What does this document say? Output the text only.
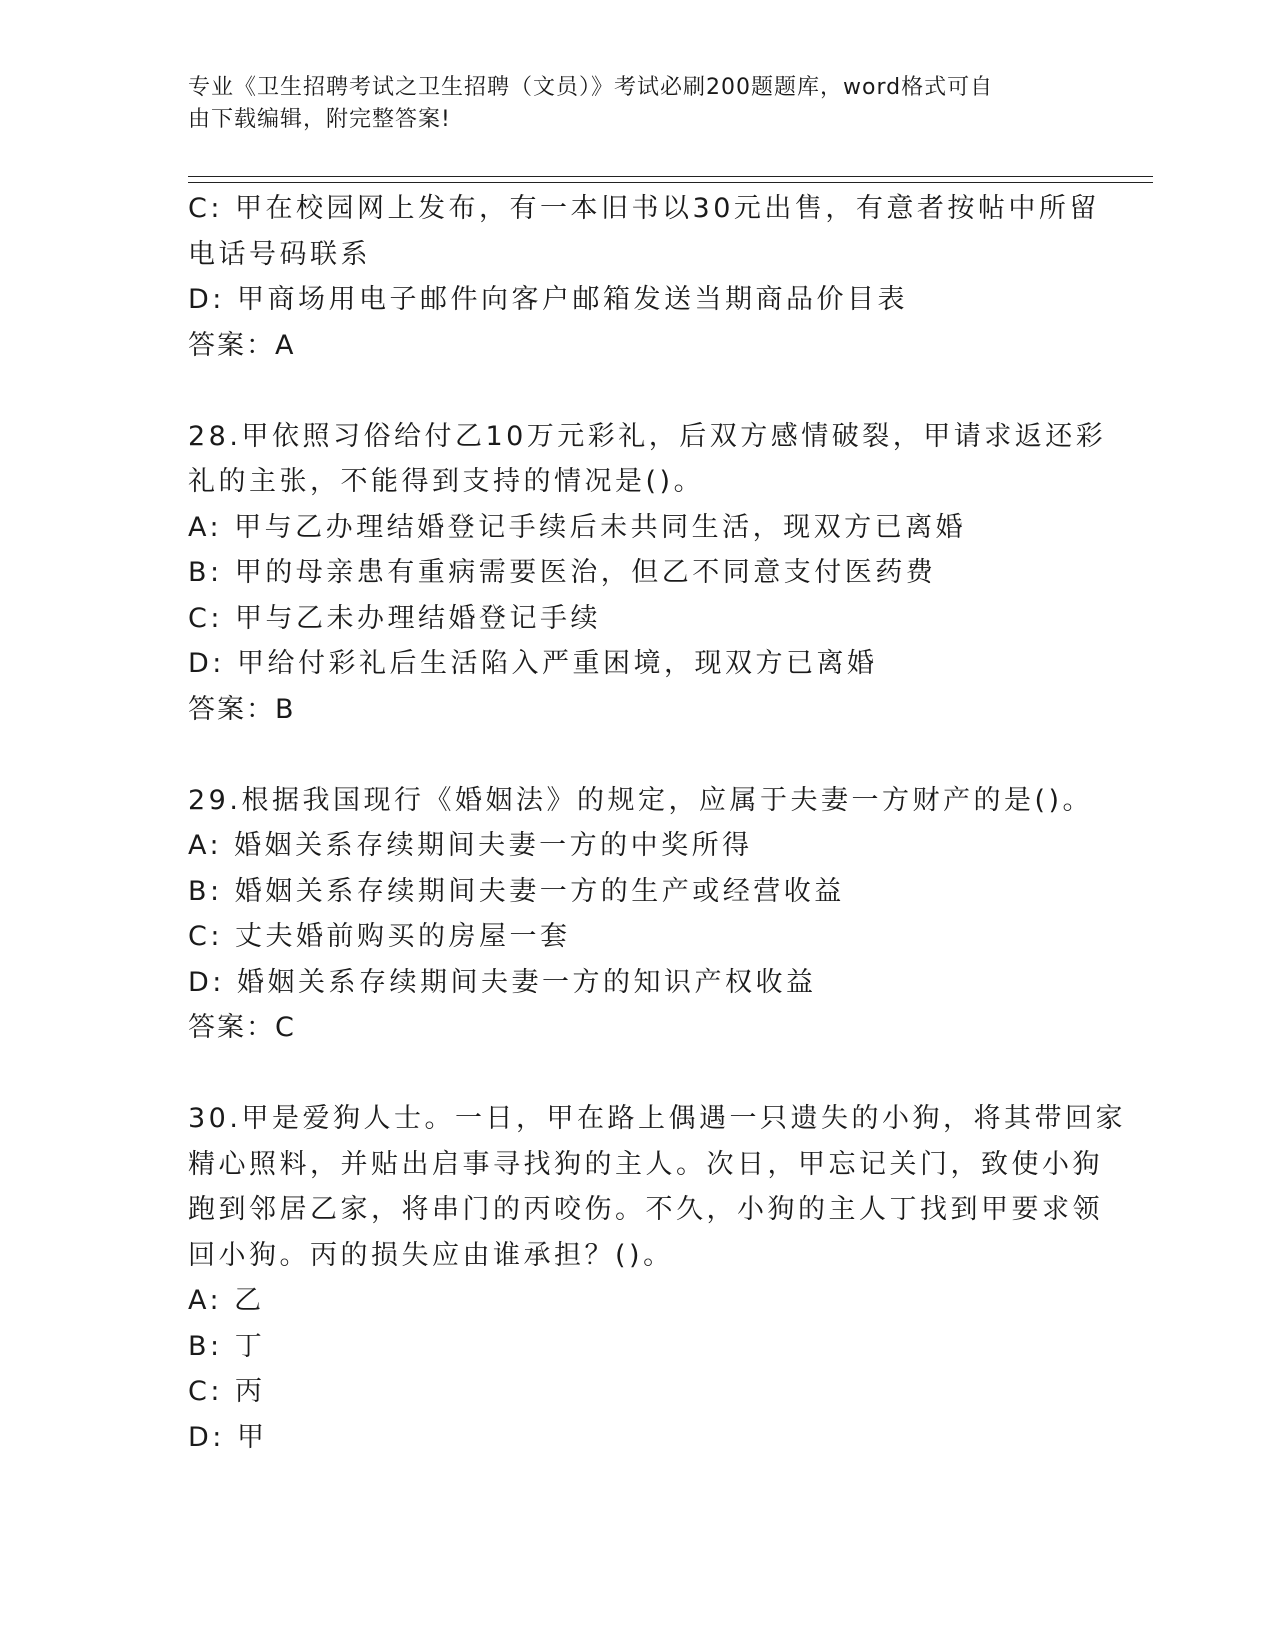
专业《卫生招聘考试之卫生招聘（文员）》考试必刷200题题库，word格式可自
由下载编辑，附完整答案!
C: 甲在校园网上发布，有一本旧书以30元出售，有意者按帖中所留
电话号码联系
D: 甲商场用电子邮件向客户邮箱发送当期商品价目表
答案：A
28.甲依照习俗给付乙10万元彩礼，后双方感情破裂，甲请求返还彩
礼的主张，不能得到支持的情况是()。
A: 甲与乙办理结婚登记手续后未共同生活，现双方已离婚
B: 甲的母亲患有重病需要医治，但乙不同意支付医药费
C: 甲与乙未办理结婚登记手续
D: 甲给付彩礼后生活陷入严重困境，现双方已离婚
答案：B
29.根据我国现行《婚姻法》的规定，应属于夫妻一方财产的是()。
A: 婚姻关系存续期间夫妻一方的中奖所得
B: 婚姻关系存续期间夫妻一方的生产或经营收益
C: 丈夫婚前购买的房屋一套
D: 婚姻关系存续期间夫妻一方的知识产权收益
答案：C
30.甲是爱狗人士。一日，甲在路上偶遇一只遗失的小狗，将其带回家
精心照料，并贴出启事寻找狗的主人。次日，甲忘记关门，致使小狗
跑到邻居乙家，将串门的丙咬伤。不久，小狗的主人丁找到甲要求领
回小狗。丙的损失应由谁承担？()。
A: 乙
B: 丁
C: 丙
D: 甲
